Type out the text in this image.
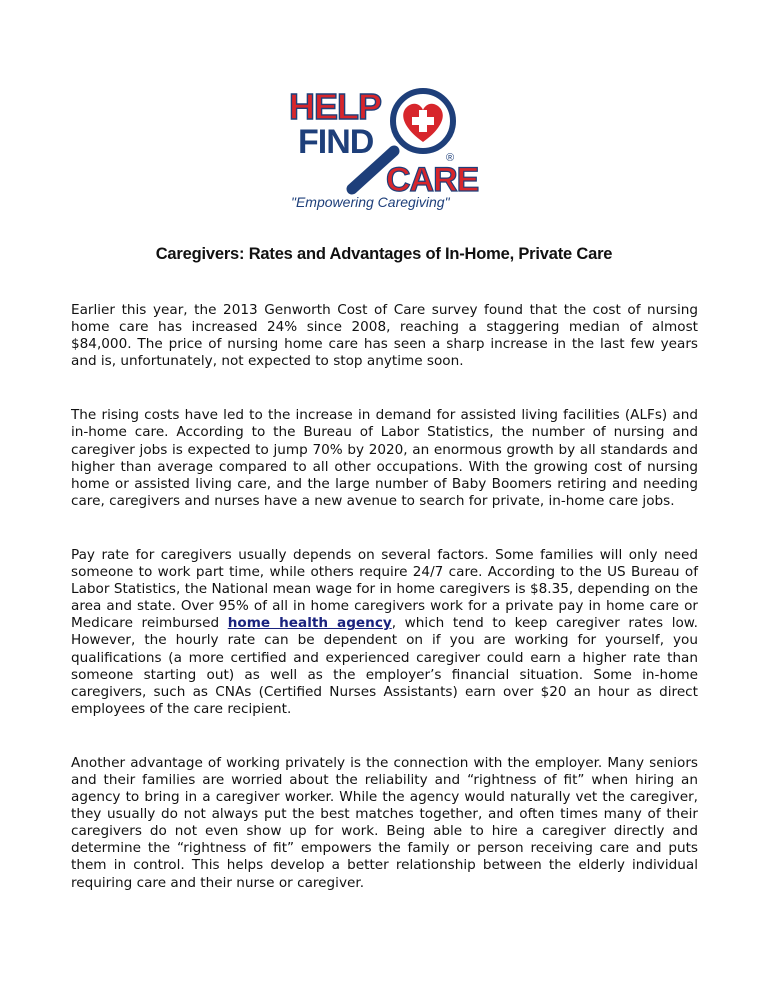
HELP
FIND
CARE
®
"Empowering Caregiving"
Caregivers: Rates and Advantages of In-Home, Private Care

Earlier this year, the 2013 Genworth Cost of Care survey found that the cost of nursing home care has increased 24% since 2008, reaching a staggering median of almost $84,000. The price of nursing home care has seen a sharp increase in the last few years and is, unfortunately, not expected to stop anytime soon.

The rising costs have led to the increase in demand for assisted living facilities (ALFs) and in-home care. According to the Bureau of Labor Statistics, the number of nursing and caregiver jobs is expected to jump 70% by 2020, an enormous growth by all standards and higher than average compared to all other occupations. With the growing cost of nursing home or assisted living care, and the large number of Baby Boomers retiring and needing care, caregivers and nurses have a new avenue to search for private, in-home care jobs.

Pay rate for caregivers usually depends on several factors. Some families will only need someone to work part time, while others require 24/7 care. According to the US Bureau of Labor Statistics, the National mean wage for in home caregivers is $8.35, depending on the area and state. Over 95% of all in home caregivers work for a private pay in home care or Medicare reimbursed home health agency, which tend to keep caregiver rates low. However, the hourly rate can be dependent on if you are working for yourself, you qualifications (a more certified and experienced caregiver could earn a higher rate than someone starting out) as well as the employer’s financial situation. Some in-home caregivers, such as CNAs (Certified Nurses Assistants) earn over $20 an hour as direct employees of the care recipient.

Another advantage of working privately is the connection with the employer. Many seniors and their families are worried about the reliability and “rightness of fit” when hiring an agency to bring in a caregiver worker. While the agency would naturally vet the caregiver, they usually do not always put the best matches together, and often times many of their caregivers do not even show up for work. Being able to hire a caregiver directly and determine the “rightness of fit” empowers the family or person receiving care and puts them in control. This helps develop a better relationship between the elderly individual requiring care and their nurse or caregiver.
